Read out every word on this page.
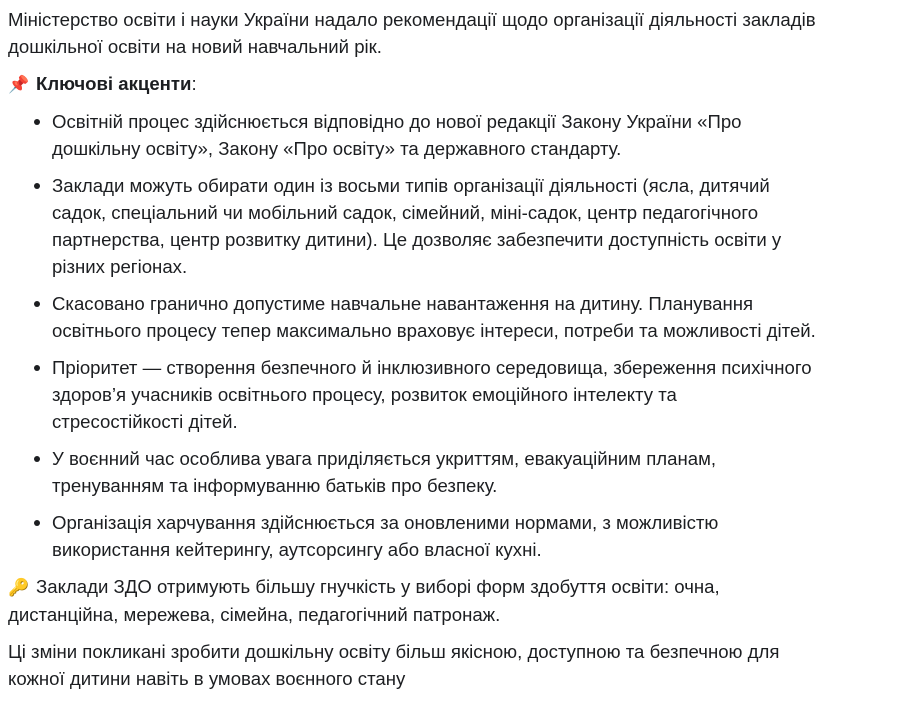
Міністерство освіти і науки України надало рекомендації щодо організації діяльності закладів
дошкільної освіти на новий навчальний рік.
📌 Ключові акценти:
Освітній процес здійснюється відповідно до нової редакції Закону України «Про
дошкільну освіту», Закону «Про освіту» та державного стандарту.
Заклади можуть обирати один із восьми типів організації діяльності (ясла, дитячий
садок, спеціальний чи мобільний садок, сімейний, міні-садок, центр педагогічного
партнерства, центр розвитку дитини). Це дозволяє забезпечити доступність освіти у
різних регіонах.
Скасовано гранично допустиме навчальне навантаження на дитину. Планування
освітнього процесу тепер максимально враховує інтереси, потреби та можливості дітей.
Пріоритет — створення безпечного й інклюзивного середовища, збереження психічного
здоров’я учасників освітнього процесу, розвиток емоційного інтелекту та
стресостійкості дітей.
У воєнний час особлива увага приділяється укриттям, евакуаційним планам,
тренуванням та інформуванню батьків про безпеку.
Організація харчування здійснюється за оновленими нормами, з можливістю
використання кейтерингу, аутсорсингу або власної кухні.
🔑 Заклади ЗДО отримують більшу гнучкість у виборі форм здобуття освіти: очна,
дистанційна, мережева, сімейна, педагогічний патронаж.
Ці зміни покликані зробити дошкільну освіту більш якісною, доступною та безпечною для
кожної дитини навіть в умовах воєнного стану
